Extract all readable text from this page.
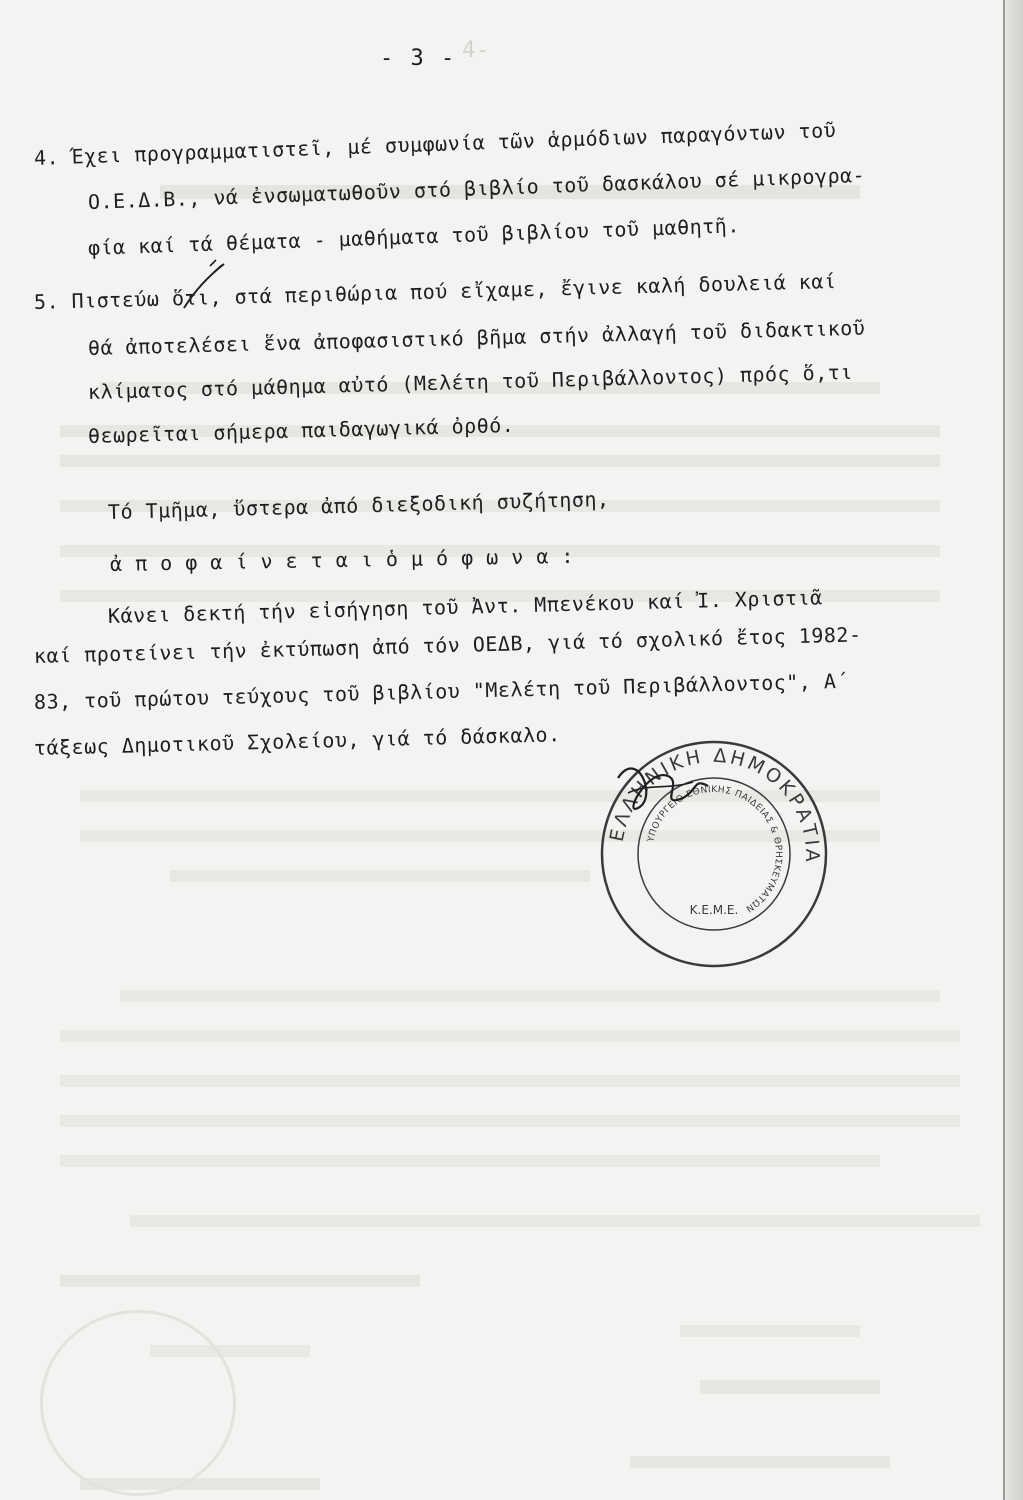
- 3 - 4-
4. Έχει προγραμματιστεῖ, μέ συμφωνία τῶν ἁρμόδιων παραγόντων τοῦ
Ο.Ε.Δ.Β., νά ἐνσωματωθοῦν στό βιβλίο τοῦ δασκάλου σέ μικρογρα-
φία καί τά θέματα - μαθήματα τοῦ βιβλίου τοῦ μαθητῆ.
5. Πιστεύω ὅτι, στά περιθώρια πού εἴχαμε, ἔγινε καλή δουλειά καί
θά ἀποτελέσει ἕνα ἀποφασιστικό βῆμα στήν ἀλλαγή τοῦ διδακτικοῦ
κλίματος στό μάθημα αὐτό (Μελέτη τοῦ Περιβάλλοντος) πρός ὅ,τι
θεωρεῖται σήμερα παιδαγωγικά ὀρθό.
Τό Τμῆμα, ὕστερα ἀπό διεξοδική συζήτηση,
ἀ π ο φ α ί ν ε τ α ι ὁ μ ό φ ω ν α :
Κάνει δεκτή τήν εἰσήγηση τοῦ Ἀντ. Μπενέκου καί Ἰ. Χριστιᾶ
καί προτείνει τήν ἐκτύπωση ἀπό τόν ΟΕΔΒ, γιά τό σχολικό ἔτος 1982-
83, τοῦ πρώτου τεύχους τοῦ βιβλίου "Μελέτη τοῦ Περιβάλλοντος", Α΄
τάξεως Δημοτικοῦ Σχολείου, γιά τό δάσκαλο.
ΕΛΛΗΝΙΚΗ ΔΗΜΟΚΡΑΤΙΑ
ΥΠΟΥΡΓΕΙΟ ΕΘΝΙΚΗΣ ΠΑΙΔΕΙΑΣ & ΘΡΗΣΚΕΥΜΑΤΩΝ
Κ.Ε.Μ.Ε.
